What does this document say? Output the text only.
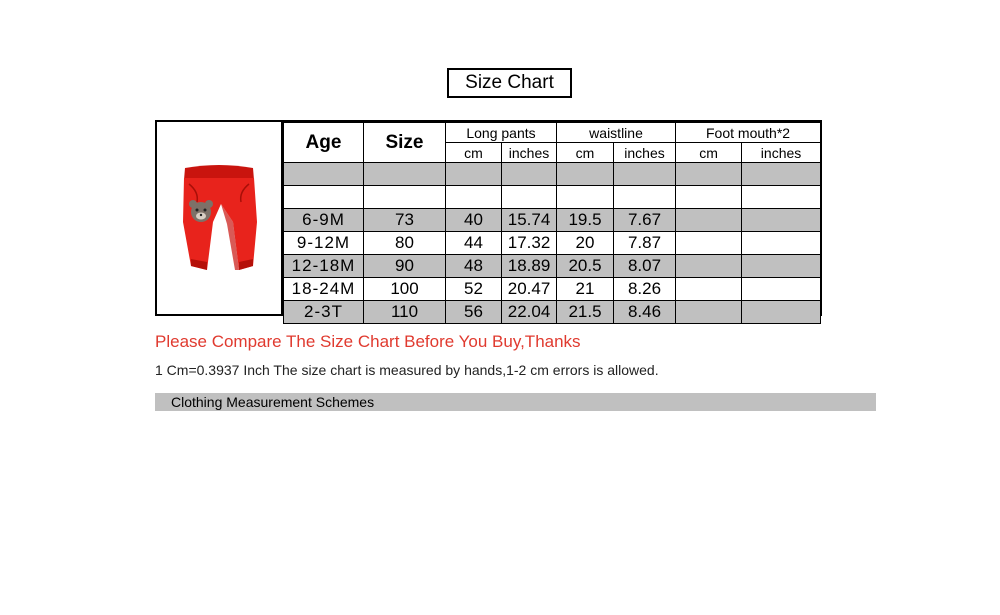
Size Chart
Age	Size	Long pants		waistline		Foot mouth*2	
		cm	inches	cm	inches	cm	inches

6-9M	73	40	15.74	19.5	7.67		
9-12M	80	44	17.32	20	7.87		
12-18M	90	48	18.89	20.5	8.07		
18-24M	100	52	20.47	21	8.26		
2-3T	110	56	22.04	21.5	8.46		
Please Compare The Size Chart Before You Buy,Thanks
1 Cm=0.3937 Inch The size chart is measured by hands,1-2 cm errors is allowed.
Clothing Measurement Schemes
